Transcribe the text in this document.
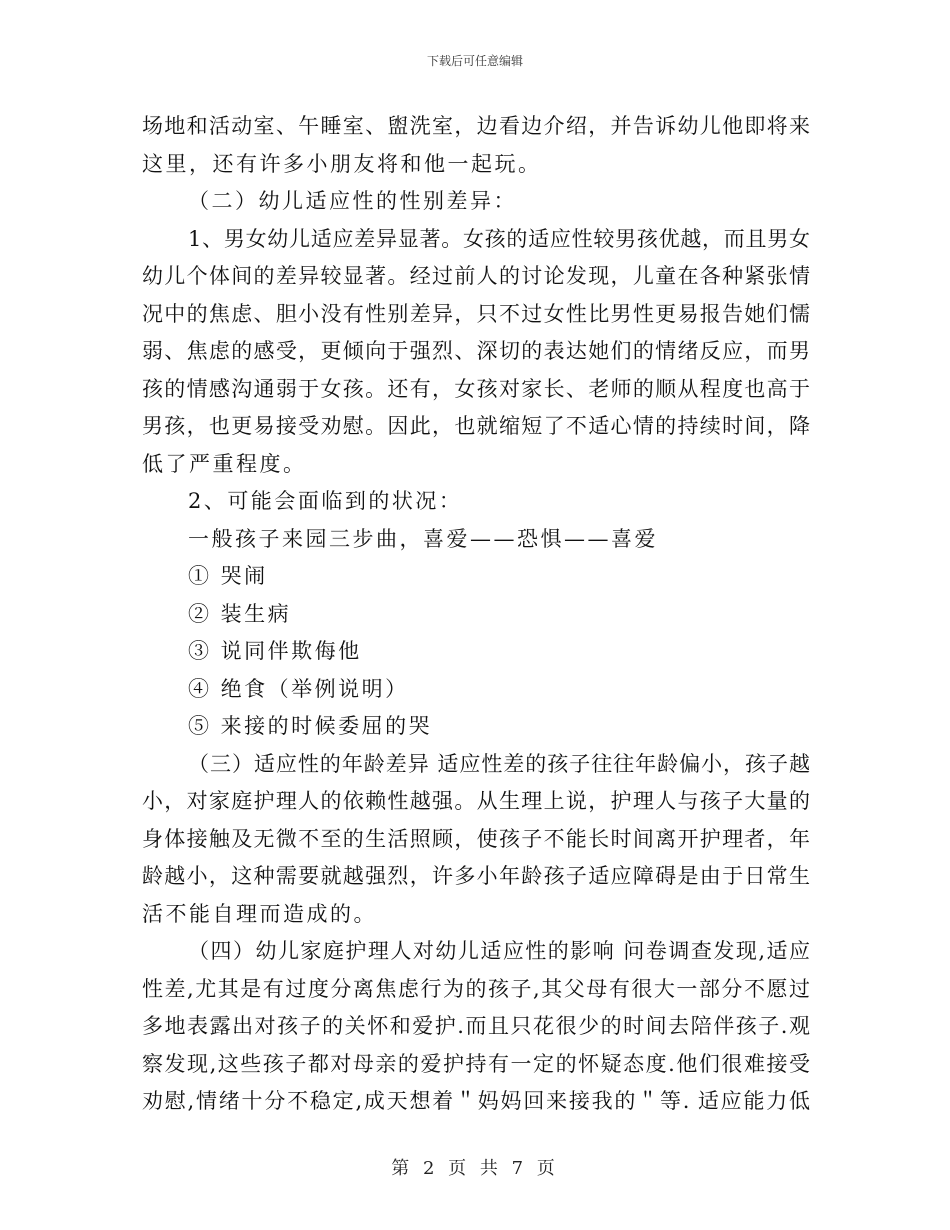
下载后可任意编辑
场地和活动室、午睡室、盥洗室，边看边介绍，并告诉幼儿他即将来
这里，还有许多小朋友将和他一起玩。
（二）幼儿适应性的性别差异：
1、男女幼儿适应差异显著。女孩的适应性较男孩优越，而且男女
幼儿个体间的差异较显著。经过前人的讨论发现，儿童在各种紧张情
况中的焦虑、胆小没有性别差异，只不过女性比男性更易报告她们懦
弱、焦虑的感受，更倾向于强烈、深切的表达她们的情绪反应，而男
孩的情感沟通弱于女孩。还有，女孩对家长、老师的顺从程度也高于
男孩，也更易接受劝慰。因此，也就缩短了不适心情的持续时间，降
低了严重程度。
2、可能会面临到的状况：
一般孩子来园三步曲，喜爱——恐惧——喜爱
① 哭闹
② 装生病
③ 说同伴欺侮他
④ 绝食（举例说明）
⑤ 来接的时候委屈的哭
（三）适应性的年龄差异 适应性差的孩子往往年龄偏小，孩子越
小，对家庭护理人的依赖性越强。从生理上说，护理人与孩子大量的
身体接触及无微不至的生活照顾，使孩子不能长时间离开护理者，年
龄越小，这种需要就越强烈，许多小年龄孩子适应障碍是由于日常生
活不能自理而造成的。
（四）幼儿家庭护理人对幼儿适应性的影响 问卷调查发现,适应
性差,尤其是有过度分离焦虑行为的孩子,其父母有很大一部分不愿过
多地表露出对孩子的关怀和爱护.而且只花很少的时间去陪伴孩子.观
察发现,这些孩子都对母亲的爱护持有一定的怀疑态度.他们很难接受
劝慰,情绪十分不稳定,成天想着＂妈妈回来接我的＂等. 适应能力低
第 2 页 共 7 页
